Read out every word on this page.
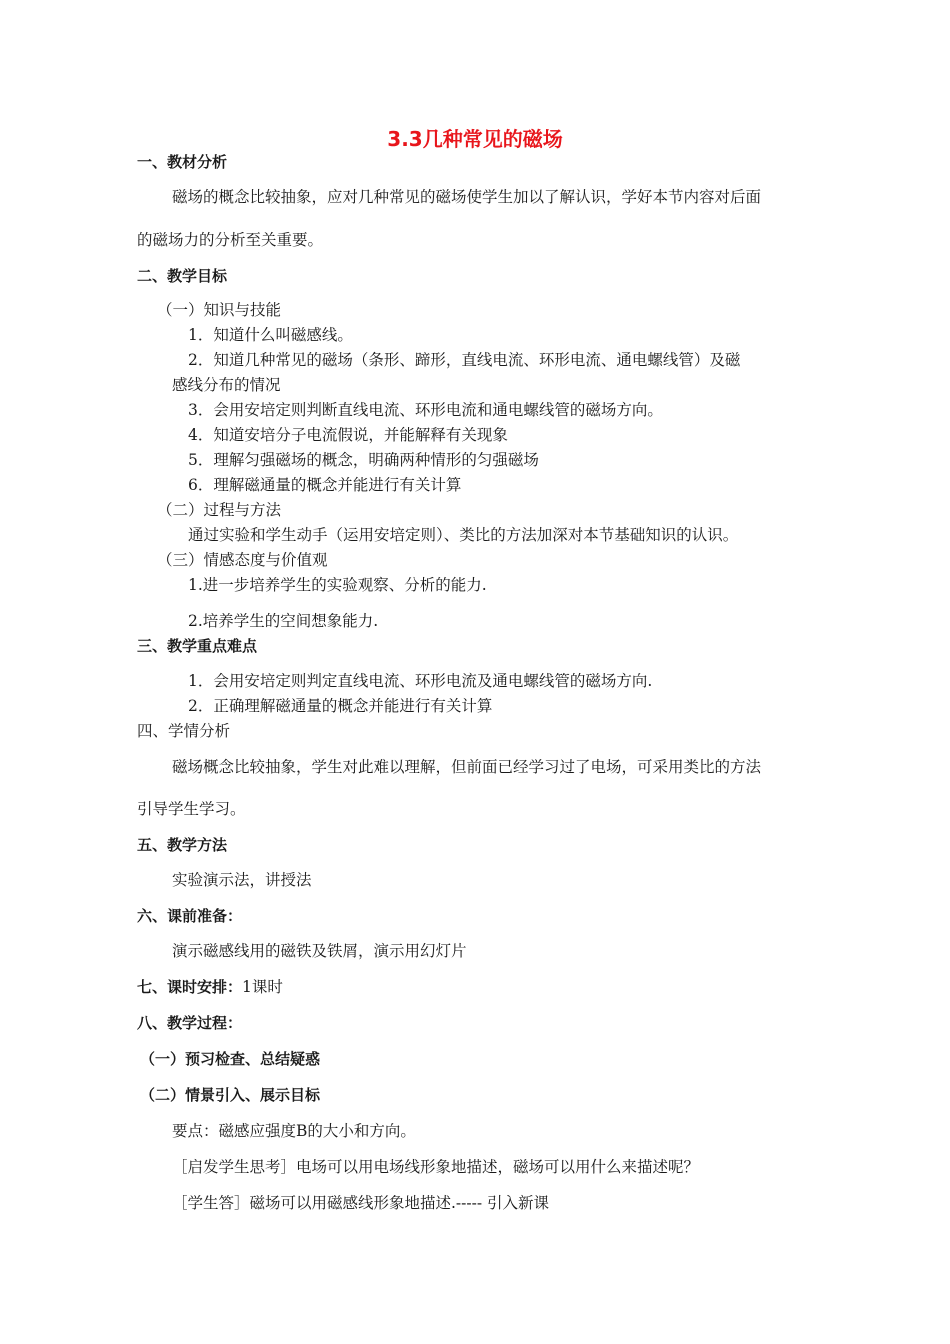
3.3几种常见的磁场
一、教材分析
磁场的概念比较抽象，应对几种常见的磁场使学生加以了解认识，学好本节内容对后面
的磁场力的分析至关重要。
二、教学目标
（一）知识与技能
1．知道什么叫磁感线。
2．知道几种常见的磁场（条形、蹄形，直线电流、环形电流、通电螺线管）及磁
感线分布的情况
3．会用安培定则判断直线电流、环形电流和通电螺线管的磁场方向。
4．知道安培分子电流假说，并能解释有关现象
5．理解匀强磁场的概念，明确两种情形的匀强磁场
6．理解磁通量的概念并能进行有关计算
（二）过程与方法
通过实验和学生动手（运用安培定则）、类比的方法加深对本节基础知识的认识。
（三）情感态度与价值观
1.进一步培养学生的实验观察、分析的能力.
2.培养学生的空间想象能力.
三、教学重点难点
1．会用安培定则判定直线电流、环形电流及通电螺线管的磁场方向.
2．正确理解磁通量的概念并能进行有关计算
四、学情分析
磁场概念比较抽象，学生对此难以理解，但前面已经学习过了电场，可采用类比的方法
引导学生学习。
五、教学方法
实验演示法，讲授法
六、课前准备：
演示磁感线用的磁铁及铁屑，演示用幻灯片
七、课时安排：1课时
八、教学过程：
（一）预习检查、总结疑惑
（二）情景引入、展示目标
要点：磁感应强度B的大小和方向。
［启发学生思考］电场可以用电场线形象地描述，磁场可以用什么来描述呢？
［学生答］磁场可以用磁感线形象地描述.----- 引入新课
